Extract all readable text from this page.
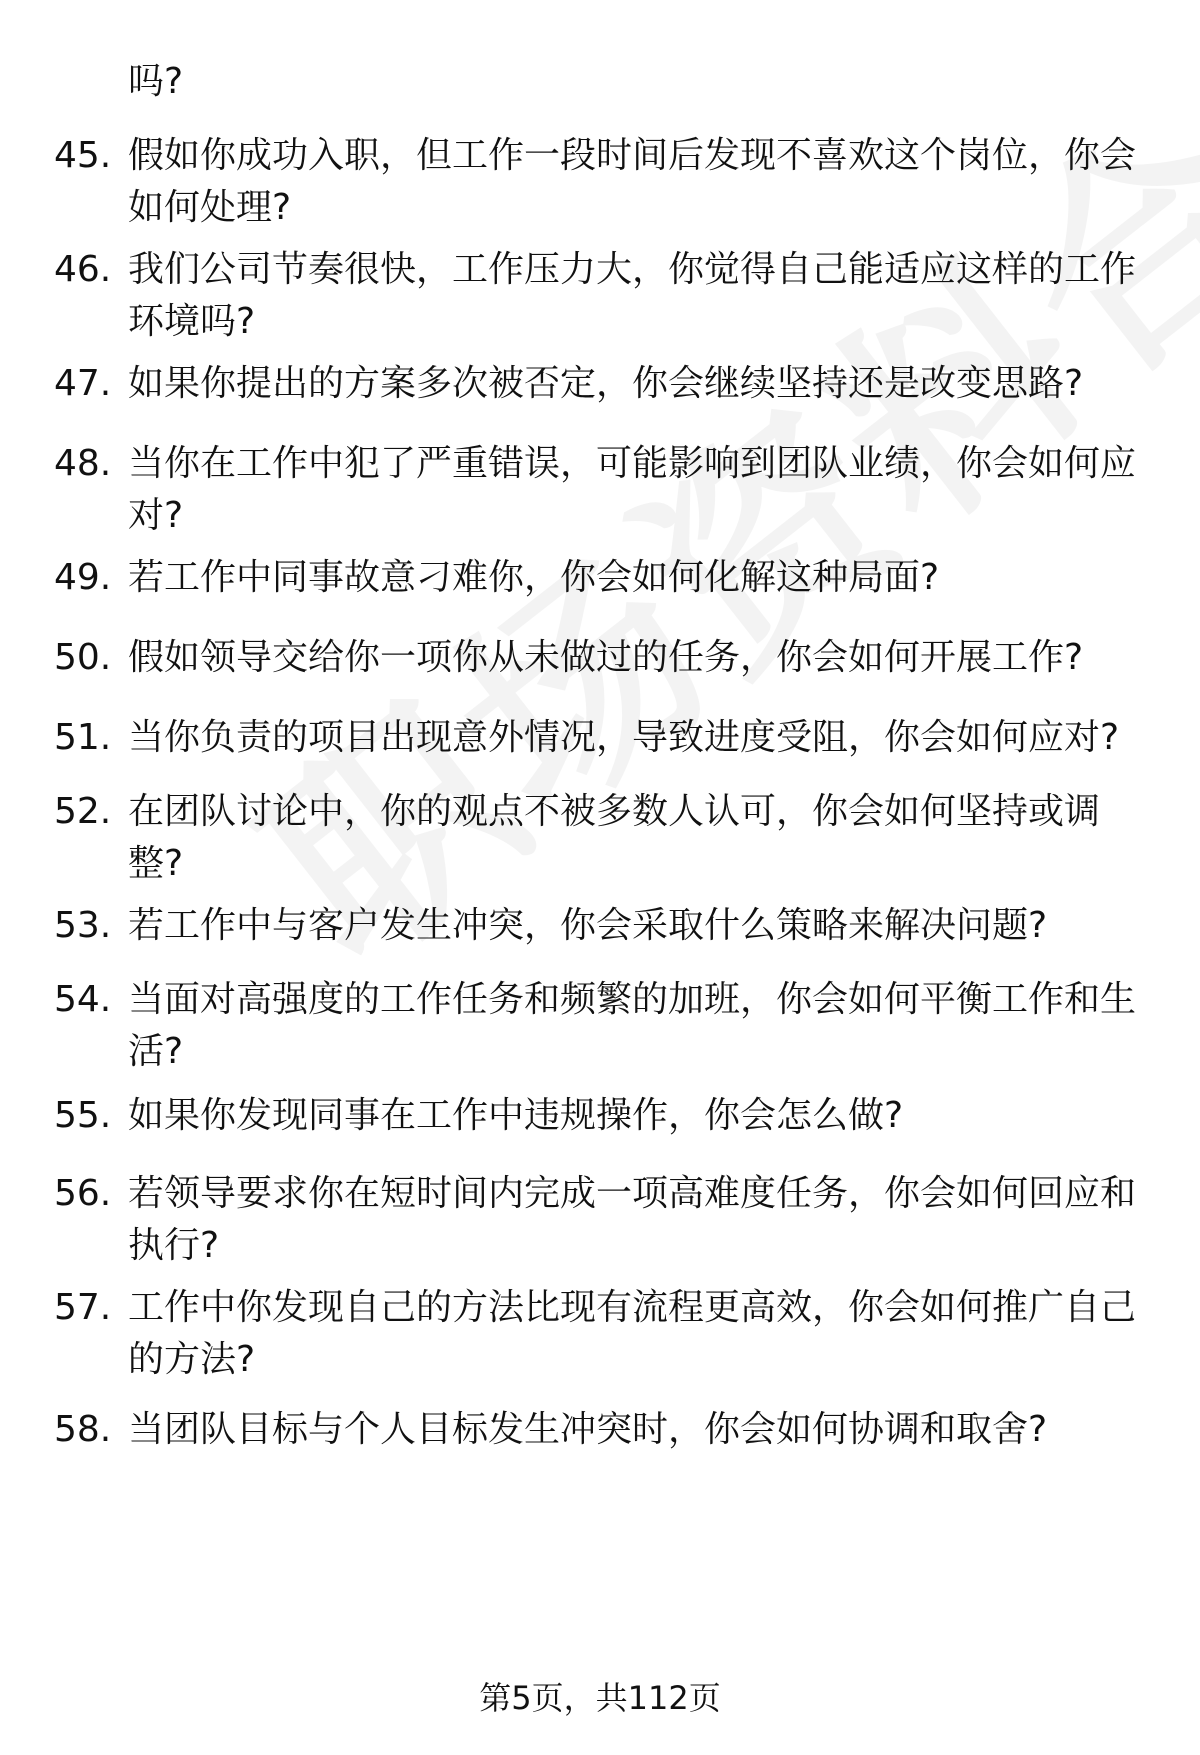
吗?
45. 假如你成功入职，但工作一段时间后发现不喜欢这个岗位，你会如何处理?
46. 我们公司节奏很快，工作压力大，你觉得自己能适应这样的工作环境吗?
47. 如果你提出的方案多次被否定，你会继续坚持还是改变思路?
48. 当你在工作中犯了严重错误，可能影响到团队业绩，你会如何应对?
49. 若工作中同事故意刁难你，你会如何化解这种局面?
50. 假如领导交给你一项你从未做过的任务，你会如何开展工作?
51. 当你负责的项目出现意外情况，导致进度受阻，你会如何应对?
52. 在团队讨论中，你的观点不被多数人认可，你会如何坚持或调整?
53. 若工作中与客户发生冲突，你会采取什么策略来解决问题?
54. 当面对高强度的工作任务和频繁的加班，你会如何平衡工作和生活?
55. 如果你发现同事在工作中违规操作，你会怎么做?
56. 若领导要求你在短时间内完成一项高难度任务，你会如何回应和执行?
57. 工作中你发现自己的方法比现有流程更高效，你会如何推广自己的方法?
58. 当团队目标与个人目标发生冲突时，你会如何协调和取舍?
第5页，共112页
